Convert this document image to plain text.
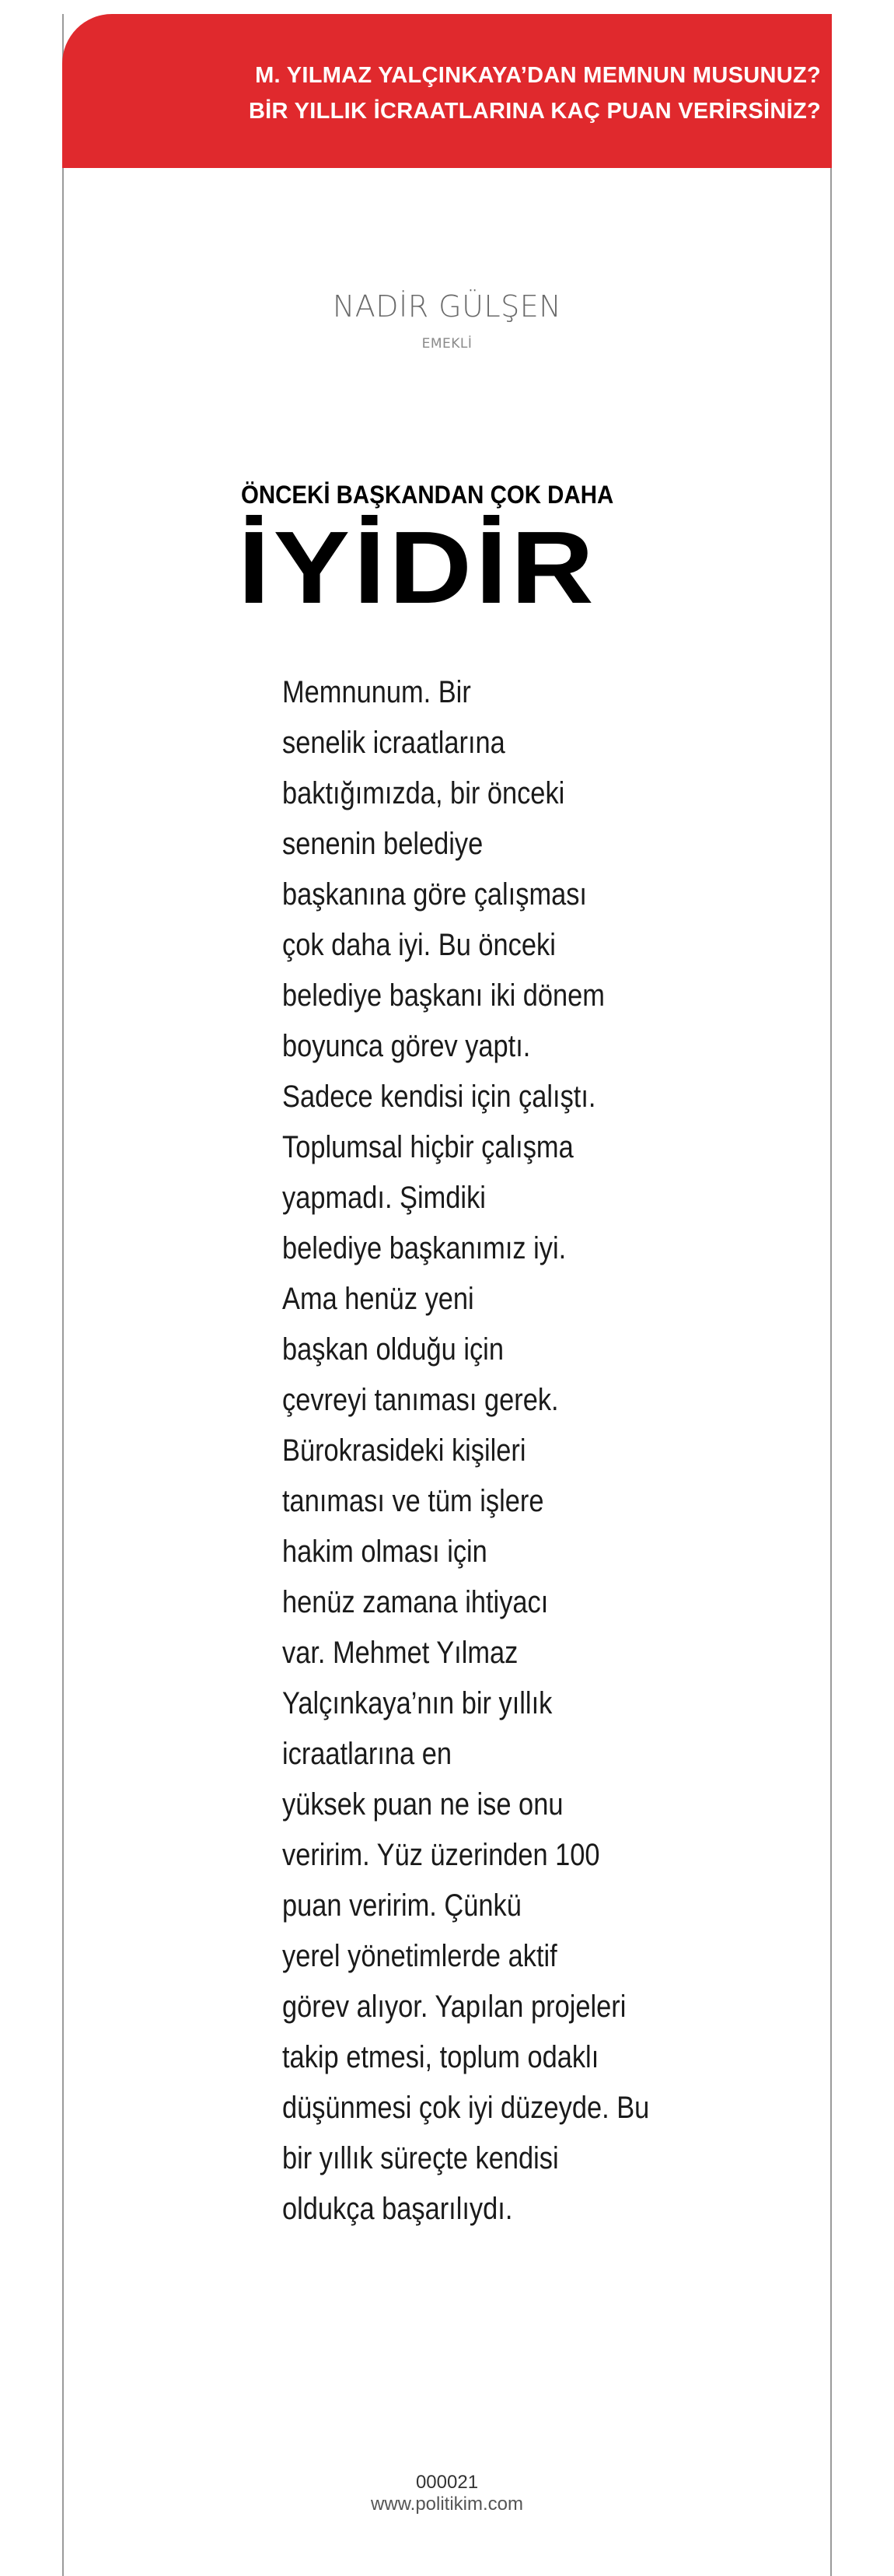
M. YILMAZ YALÇINKAYA’DAN MEMNUN MUSUNUZ?
BİR YILLIK İCRAATLARINA KAÇ PUAN VERİRSİNİZ?
NADİR GÜLŞEN
EMEKLİ
ÖNCEKİ BAŞKANDAN ÇOK DAHA
İYİDİR
Memnunum. Bir
senelik icraatlarına
baktığımızda, bir önceki
senenin belediye
başkanına göre çalışması
çok daha iyi. Bu önceki
belediye başkanı iki dönem
boyunca görev yaptı.
Sadece kendisi için çalıştı.
Toplumsal hiçbir çalışma
yapmadı. Şimdiki
belediye başkanımız iyi.
Ama henüz yeni
başkan olduğu için
çevreyi tanıması gerek.
Bürokrasideki kişileri
tanıması ve tüm işlere
hakim olması için
henüz zamana ihtiyacı
var. Mehmet Yılmaz
Yalçınkaya’nın bir yıllık
icraatlarına en
yüksek puan ne ise onu
veririm. Yüz üzerinden 100
puan veririm. Çünkü
yerel yönetimlerde aktif
görev alıyor. Yapılan projeleri
takip etmesi, toplum odaklı
düşünmesi çok iyi düzeyde. Bu
bir yıllık süreçte kendisi
oldukça başarılıydı.
000021
www.politikim.com
